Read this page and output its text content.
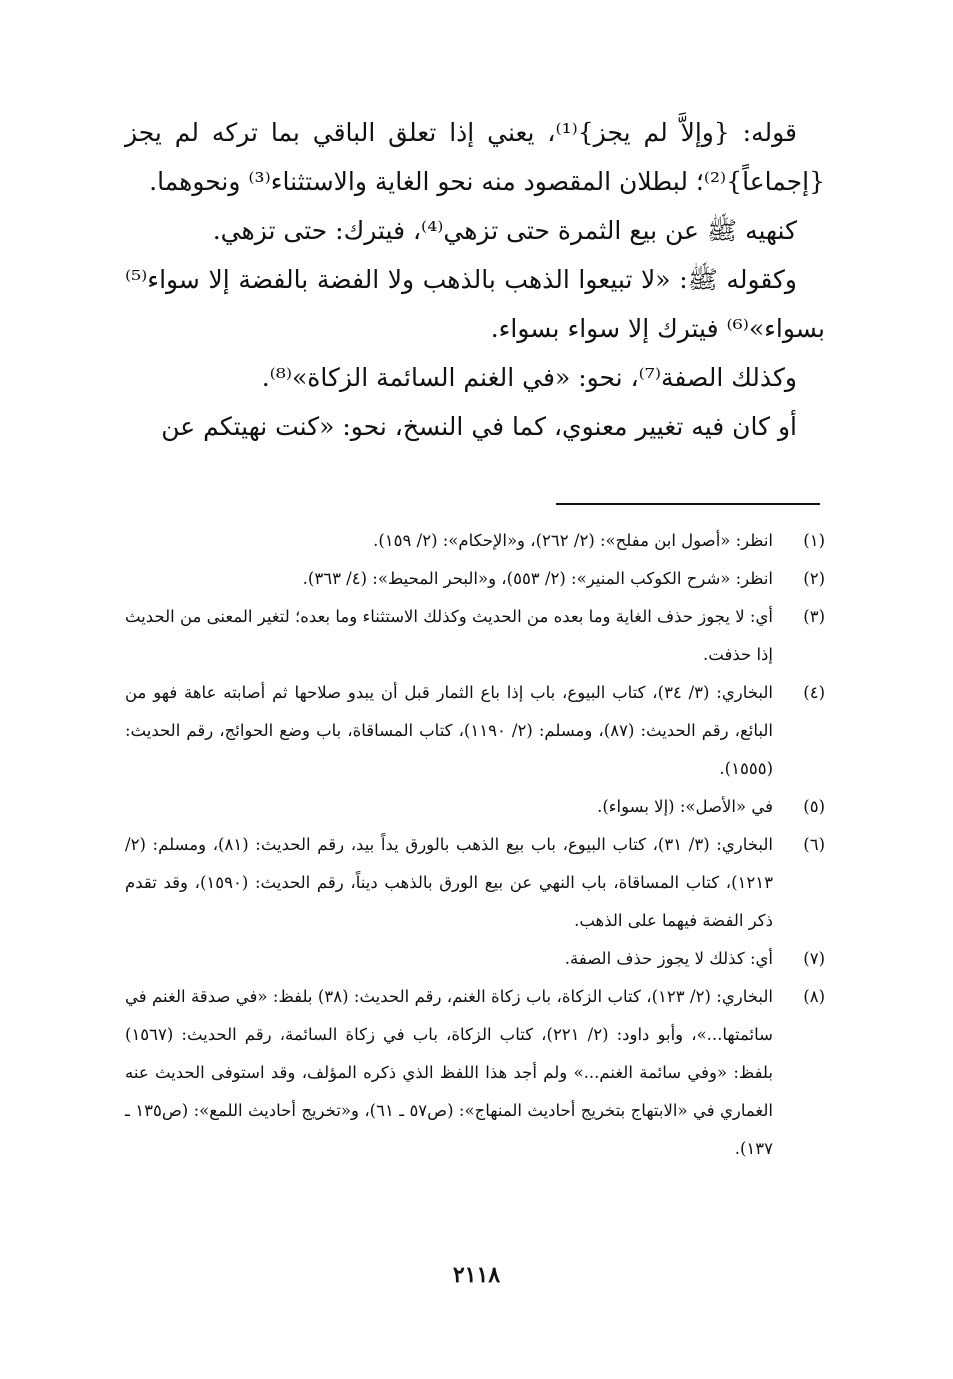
قوله: {وإلاَّ لم يجز}⁽¹⁾، يعني إذا تعلق الباقي بما تركه لم يجز {إجماعاً}⁽²⁾؛ لبطلان المقصود منه نحو الغاية والاستثناء⁽³⁾ ونحوهما.

كنهيه ﷺ عن بيع الثمرة حتى تزهي⁽⁴⁾، فيترك: حتى تزهي.

وكقوله ﷺ: «لا تبيعوا الذهب بالذهب ولا الفضة بالفضة إلا سواء⁽⁵⁾ بسواء»⁽⁶⁾ فيترك إلا سواء بسواء.

وكذلك الصفة⁽⁷⁾، نحو: «في الغنم السائمة الزكاة»⁽⁸⁾.

أو كان فيه تغيير معنوي، كما في النسخ، نحو: «كنت نهيتكم عن

(١)
انظر: «أصول ابن مفلح»: (٢/ ٢٦٢)، و«الإحكام»: (٢/ ١٥٩).
(٢)
انظر: «شرح الكوكب المنير»: (٢/ ٥٥٣)، و«البحر المحيط»: (٤/ ٣٦٣).
(٣)
أي: لا يجوز حذف الغاية وما بعده من الحديث وكذلك الاستثناء وما بعده؛ لتغير المعنى من الحديث إذا حذفت.
(٤)
البخاري: (٣/ ٣٤)، كتاب البيوع، باب إذا باع الثمار قبل أن يبدو صلاحها ثم أصابته عاهة فهو من البائع، رقم الحديث: (٨٧)، ومسلم: (٢/ ١١٩٠)، كتاب المساقاة، باب وضع الحوائج، رقم الحديث: (١٥٥٥).
(٥)
في «الأصل»: (إلا بسواء).
(٦)
البخاري: (٣/ ٣١)، كتاب البيوع، باب بيع الذهب بالورق يداً بيد، رقم الحديث: (٨١)، ومسلم: (٢/ ١٢١٣)، كتاب المساقاة، باب النهي عن بيع الورق بالذهب ديناً، رقم الحديث: (١٥٩٠)، وقد تقدم ذكر الفضة فيهما على الذهب.
(٧)
أي: كذلك لا يجوز حذف الصفة.
(٨)
البخاري: (٢/ ١٢٣)، كتاب الزكاة، باب زكاة الغنم، رقم الحديث: (٣٨) بلفظ: «في صدقة الغنم في سائمتها...»، وأبو داود: (٢/ ٢٢١)، كتاب الزكاة، باب في زكاة السائمة، رقم الحديث: (١٥٦٧) بلفظ: «وفي سائمة الغنم...» ولم أجد هذا اللفظ الذي ذكره المؤلف، وقد استوفى الحديث عنه الغماري في «الابتهاج بتخريج أحاديث المنهاج»: (ص٥٧ ـ ٦١)، و«تخريج أحاديث اللمع»: (ص١٣٥ ـ ١٣٧).
٢١١٨
